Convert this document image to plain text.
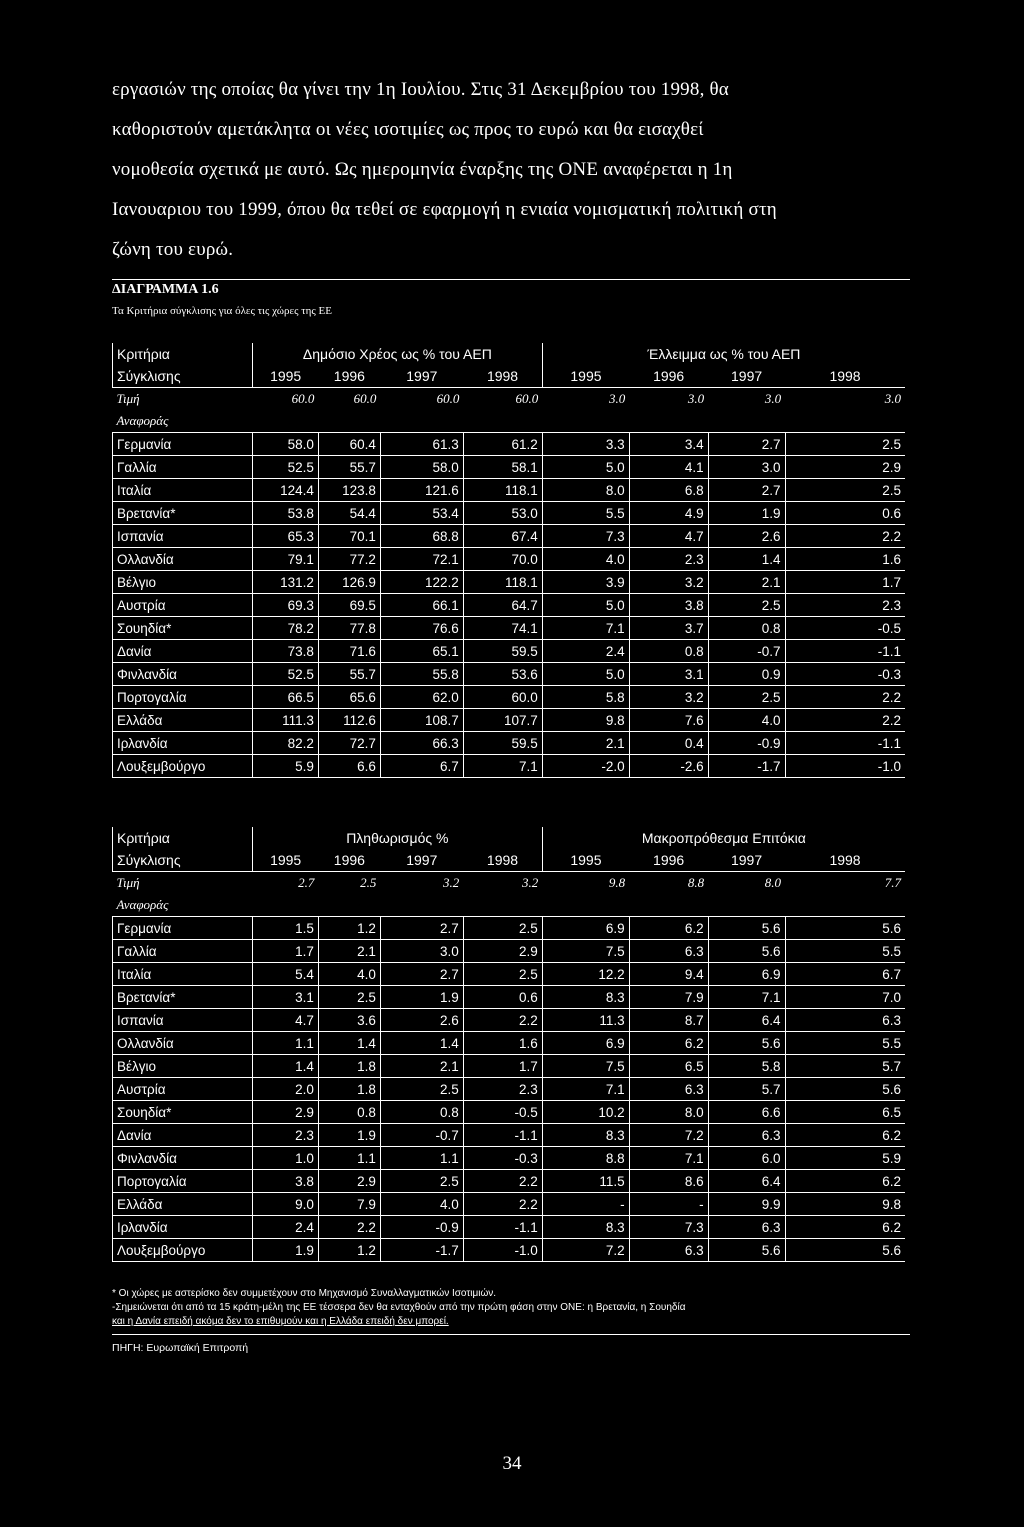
εργασιών της οποίας θα γίνει την 1η Ιουλίου. Στις 31 Δεκεμβρίου του 1998, θα

καθοριστούν αμετάκλητα οι νέες ισοτιμίες ως προς το ευρώ και θα εισαχθεί

νομοθεσία σχετικά με αυτό. Ως ημερομηνία έναρξης της ΟΝΕ αναφέρεται η 1η

Ιανουαριου του 1999, όπου θα τεθεί σε εφαρμογή η ενιαία νομισματική πολιτική στη

ζώνη του ευρώ.

ΔΙΑΓΡΑΜΜΑ 1.6
Τα Κριτήρια σύγκλισης για όλες τις χώρες της ΕΕ
Κριτήρια	Δημόσιο Χρέος ως % του ΑΕΠ				Έλλειμμα ως % του ΑΕΠ			
Σύγκλισης	1995	1996	1997	1998	1995	1996	1997	1998
Τιμή	60.0	60.0	60.0	60.0	3.0	3.0	3.0	3.0
Αναφοράς								
Γερμανία	58.0	60.4	61.3	61.2	3.3	3.4	2.7	2.5
Γαλλία	52.5	55.7	58.0	58.1	5.0	4.1	3.0	2.9
Ιταλία	124.4	123.8	121.6	118.1	8.0	6.8	2.7	2.5
Βρετανία*	53.8	54.4	53.4	53.0	5.5	4.9	1.9	0.6
Ισπανία	65.3	70.1	68.8	67.4	7.3	4.7	2.6	2.2
Ολλανδία	79.1	77.2	72.1	70.0	4.0	2.3	1.4	1.6
Βέλγιο	131.2	126.9	122.2	118.1	3.9	3.2	2.1	1.7
Αυστρία	69.3	69.5	66.1	64.7	5.0	3.8	2.5	2.3
Σουηδία*	78.2	77.8	76.6	74.1	7.1	3.7	0.8	-0.5
Δανία	73.8	71.6	65.1	59.5	2.4	0.8	-0.7	-1.1
Φινλανδία	52.5	55.7	55.8	53.6	5.0	3.1	0.9	-0.3
Πορτογαλία	66.5	65.6	62.0	60.0	5.8	3.2	2.5	2.2
Ελλάδα	111.3	112.6	108.7	107.7	9.8	7.6	4.0	2.2
Ιρλανδία	82.2	72.7	66.3	59.5	2.1	0.4	-0.9	-1.1
Λουξεμβούργο	5.9	6.6	6.7	7.1	-2.0	-2.6	-1.7	-1.0
Κριτήρια	Πληθωρισμός %				Μακροπρόθεσμα Επιτόκια			
Σύγκλισης	1995	1996	1997	1998	1995	1996	1997	1998
Τιμή	2.7	2.5	3.2	3.2	9.8	8.8	8.0	7.7
Αναφοράς								
Γερμανία	1.5	1.2	2.7	2.5	6.9	6.2	5.6	5.6
Γαλλία	1.7	2.1	3.0	2.9	7.5	6.3	5.6	5.5
Ιταλία	5.4	4.0	2.7	2.5	12.2	9.4	6.9	6.7
Βρετανία*	3.1	2.5	1.9	0.6	8.3	7.9	7.1	7.0
Ισπανία	4.7	3.6	2.6	2.2	11.3	8.7	6.4	6.3
Ολλανδία	1.1	1.4	1.4	1.6	6.9	6.2	5.6	5.5
Βέλγιο	1.4	1.8	2.1	1.7	7.5	6.5	5.8	5.7
Αυστρία	2.0	1.8	2.5	2.3	7.1	6.3	5.7	5.6
Σουηδία*	2.9	0.8	0.8	-0.5	10.2	8.0	6.6	6.5
Δανία	2.3	1.9	-0.7	-1.1	8.3	7.2	6.3	6.2
Φινλανδία	1.0	1.1	1.1	-0.3	8.8	7.1	6.0	5.9
Πορτογαλία	3.8	2.9	2.5	2.2	11.5	8.6	6.4	6.2
Ελλάδα	9.0	7.9	4.0	2.2	-	-	9.9	9.8
Ιρλανδία	2.4	2.2	-0.9	-1.1	8.3	7.3	6.3	6.2
Λουξεμβούργο	1.9	1.2	-1.7	-1.0	7.2	6.3	5.6	5.6
* Οι χώρες με αστερίσκο δεν συμμετέχουν στο Μηχανισμό Συναλλαγματικών Ισοτιμιών.
-Σημειώνεται ότι από τα 15 κράτη-μέλη της ΕΕ τέσσερα δεν θα ενταχθούν από την πρώτη φάση στην ΟΝΕ: η Βρετανία, η Σουηδία
και η Δανία επειδή ακόμα δεν το επιθυμούν και η Ελλάδα επειδή δεν μπορεί.
ΠΗΓΗ: Ευρωπαϊκή Επιτροπή
34
